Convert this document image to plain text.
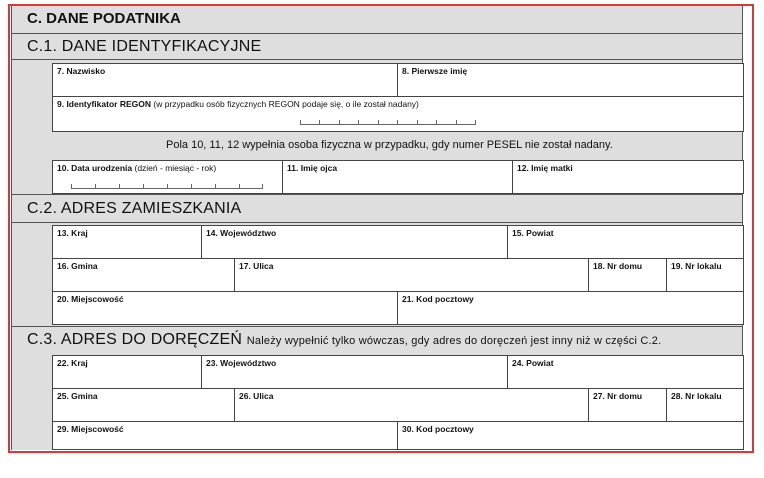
C. DANE PODATNIKA
C.1. DANE IDENTYFIKACYJNE
7. Nazwisko	8. Pierwsze imię
9. Identyfikator REGON (w przypadku osób fizycznych REGON podaje się, o ile został nadany)
Pola 10, 11, 12 wypełnia osoba fizyczna w przypadku, gdy numer PESEL nie został nadany.
10. Data urodzenia (dzień - miesiąc - rok)	11. Imię ojca	12. Imię matki
C.2. ADRES ZAMIESZKANIA
13. Kraj	14. Województwo	15. Powiat
16. Gmina	17. Ulica	18. Nr domu	19. Nr lokalu
20. Miejscowość	21. Kod pocztowy
C.3. ADRES DO DORĘCZEŃ Należy wypełnić tylko wówczas, gdy adres do doręczeń jest inny niż w części C.2.
22. Kraj	23. Województwo	24. Powiat
25. Gmina	26. Ulica	27. Nr domu	28. Nr lokalu
29. Miejscowość	30. Kod pocztowy
